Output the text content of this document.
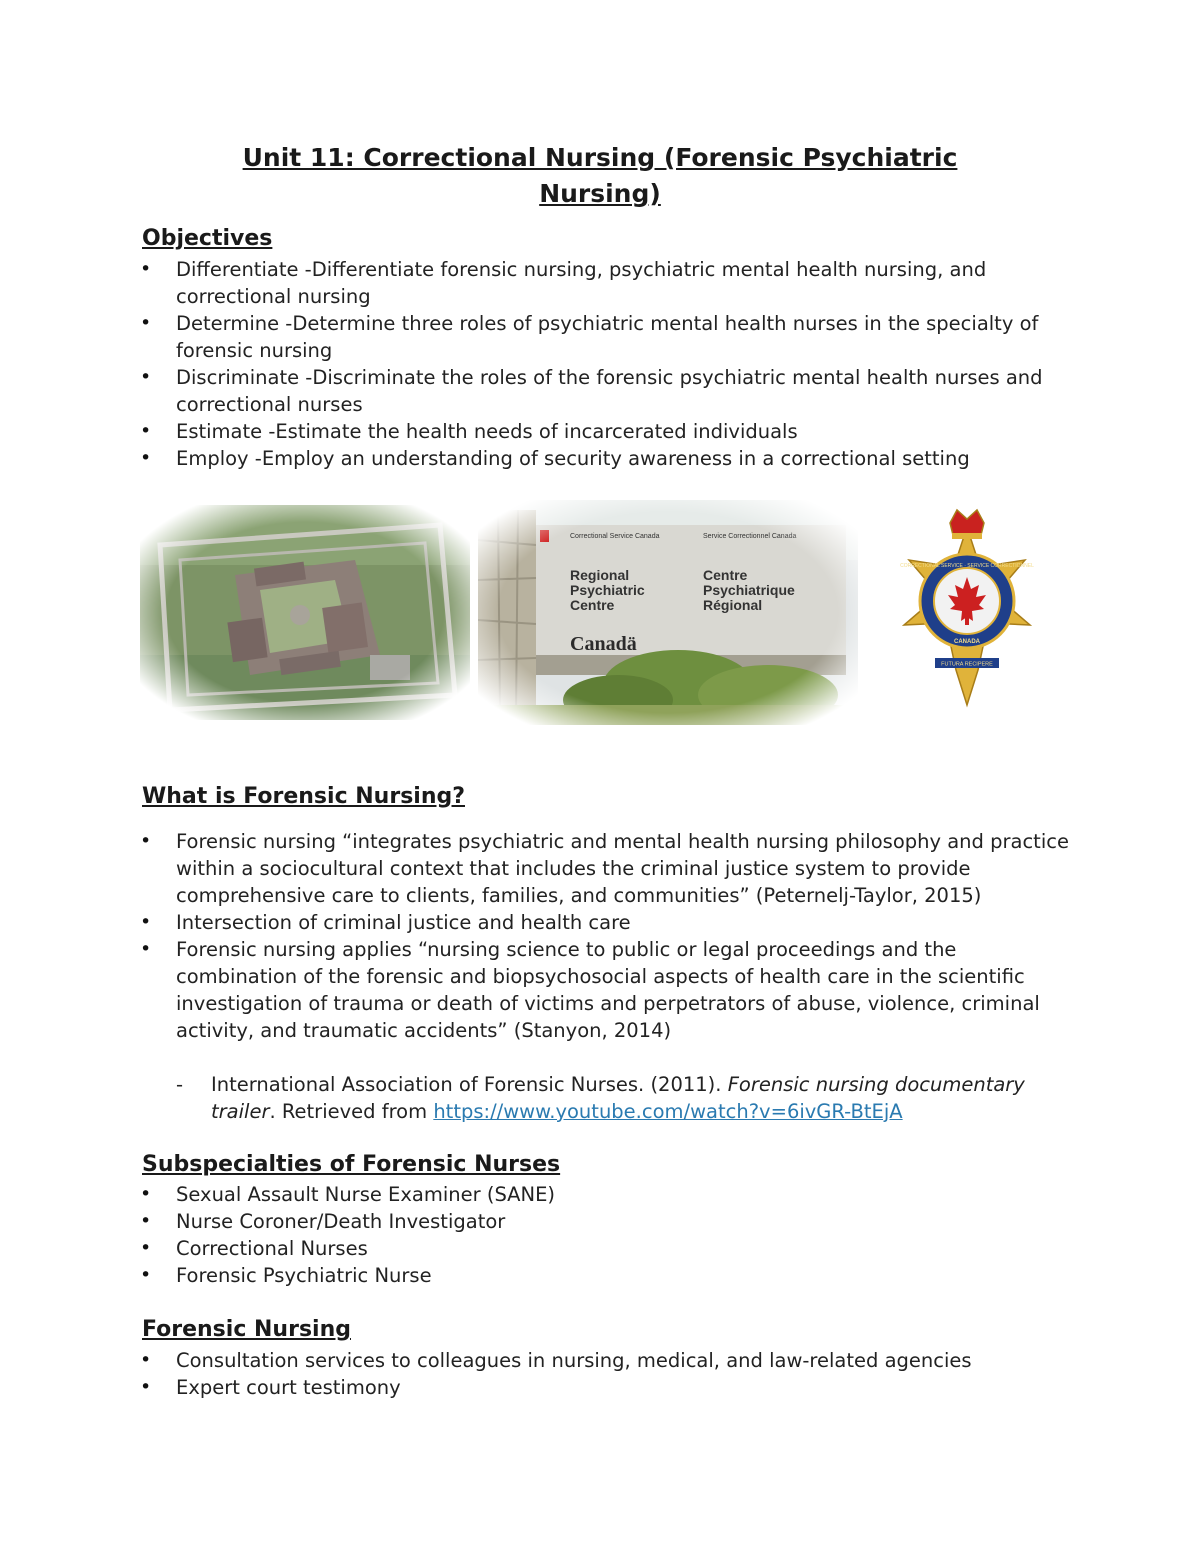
Unit 11: Correctional Nursing (Forensic Psychiatric
Nursing)
Objectives
• Differentiate -Differentiate forensic nursing, psychiatric mental health nursing, and correctional nursing
• Determine -Determine three roles of psychiatric mental health nurses in the specialty of forensic nursing
• Discriminate -Discriminate the roles of the forensic psychiatric mental health nurses and correctional nurses
• Estimate -Estimate the health needs of incarcerated individuals
• Employ -Employ an understanding of security awareness in a correctional setting
CORRECTIONAL SERVICE · SERVICE CORRECTIONNEL
CANADA
FUTURA RECIPERE
What is Forensic Nursing?
• Forensic nursing “integrates psychiatric and mental health nursing philosophy and practice within a sociocultural context that includes the criminal justice system to provide comprehensive care to clients, families, and communities” (Peternelj-Taylor, 2015)
• Intersection of criminal justice and health care
• Forensic nursing applies “nursing science to public or legal proceedings and the combination of the forensic and biopsychosocial aspects of health care in the scientific investigation of trauma or death of victims and perpetrators of abuse, violence, criminal activity, and traumatic accidents” (Stanyon, 2014)
-	International Association of Forensic Nurses. (2011). Forensic nursing documentary trailer. Retrieved from https://www.youtube.com/watch?v=6ivGR-BtEjA
Subspecialties of Forensic Nurses
• Sexual Assault Nurse Examiner (SANE)
• Nurse Coroner/Death Investigator
• Correctional Nurses
• Forensic Psychiatric Nurse
Forensic Nursing
• Consultation services to colleagues in nursing, medical, and law-related agencies
• Expert court testimony
